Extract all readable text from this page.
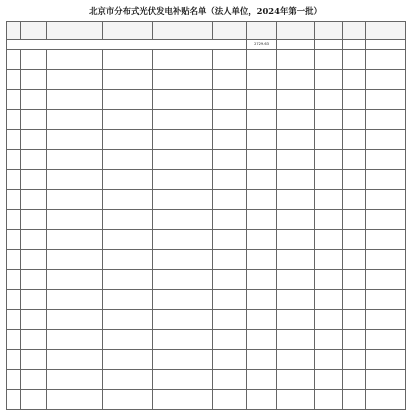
北京市分布式光伏发电补贴名单（法人单位，2024年第一批）

						2729.63				
